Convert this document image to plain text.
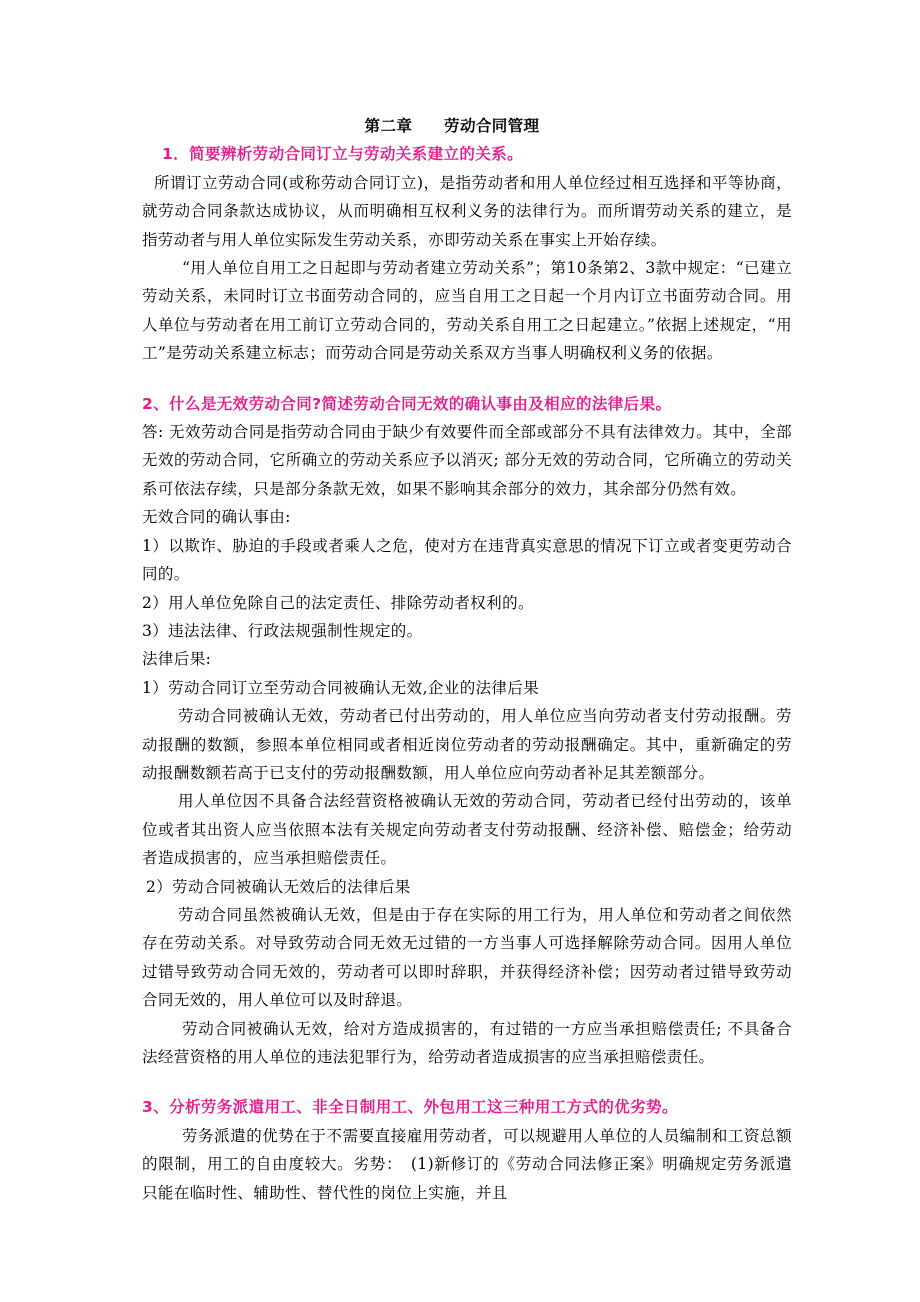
第二章　　劳动合同管理
1．简要辨析劳动合同订立与劳动关系建立的关系。

所谓订立劳动合同(或称劳动合同订立)，是指劳动者和用人单位经过相互选择和平等协商，就劳动合同条款达成协议，从而明确相互权利义务的法律行为。而所谓劳动关系的建立，是指劳动者与用人单位实际发生劳动关系，亦即劳动关系在事实上开始存续。

“用人单位自用工之日起即与劳动者建立劳动关系”；第10条第2、3款中规定：“已建立劳动关系，未同时订立书面劳动合同的，应当自用工之日起一个月内订立书面劳动合同。用人单位与劳动者在用工前订立劳动合同的，劳动关系自用工之日起建立。”依据上述规定，“用工”是劳动关系建立标志；而劳动合同是劳动关系双方当事人明确权利义务的依据。

2、什么是无效劳动合同?简述劳动合同无效的确认事由及相应的法律后果。

答: 无效劳动合同是指劳动合同由于缺少有效要件而全部或部分不具有法律效力。其中，全部无效的劳动合同，它所确立的劳动关系应予以消灭; 部分无效的劳动合同，它所确立的劳动关系可依法存续，只是部分条款无效，如果不影响其余部分的效力，其余部分仍然有效。

无效合同的确认事由:

1）以欺诈、胁迫的手段或者乘人之危，使对方在违背真实意思的情况下订立或者变更劳动合同的。

2）用人单位免除自己的法定责任、排除劳动者权利的。

3）违法法律、行政法规强制性规定的。

法律后果:

1）劳动合同订立至劳动合同被确认无效,企业的法律后果

劳动合同被确认无效，劳动者已付出劳动的，用人单位应当向劳动者支付劳动报酬。劳动报酬的数额，参照本单位相同或者相近岗位劳动者的劳动报酬确定。其中，重新确定的劳动报酬数额若高于已支付的劳动报酬数额，用人单位应向劳动者补足其差额部分。

用人单位因不具备合法经营资格被确认无效的劳动合同，劳动者已经付出劳动的，该单位或者其出资人应当依照本法有关规定向劳动者支付劳动报酬、经济补偿、赔偿金；给劳动者造成损害的，应当承担赔偿责任。

2）劳动合同被确认无效后的法律后果

劳动合同虽然被确认无效，但是由于存在实际的用工行为，用人单位和劳动者之间依然存在劳动关系。对导致劳动合同无效无过错的一方当事人可选择解除劳动合同。因用人单位过错导致劳动合同无效的，劳动者可以即时辞职，并获得经济补偿；因劳动者过错导致劳动合同无效的，用人单位可以及时辞退。

劳动合同被确认无效，给对方造成损害的，有过错的一方应当承担赔偿责任; 不具备合法经营资格的用人单位的违法犯罪行为，给劳动者造成损害的应当承担赔偿责任。

3、分析劳务派遣用工、非全日制用工、外包用工这三种用工方式的优劣势。

劳务派遣的优势在于不需要直接雇用劳动者，可以规避用人单位的人员编制和工资总额的限制，用工的自由度较大。劣势：　(1)新修订的《劳动合同法修正案》明确规定劳务派遣只能在临时性、辅助性、替代性的岗位上实施，并且
